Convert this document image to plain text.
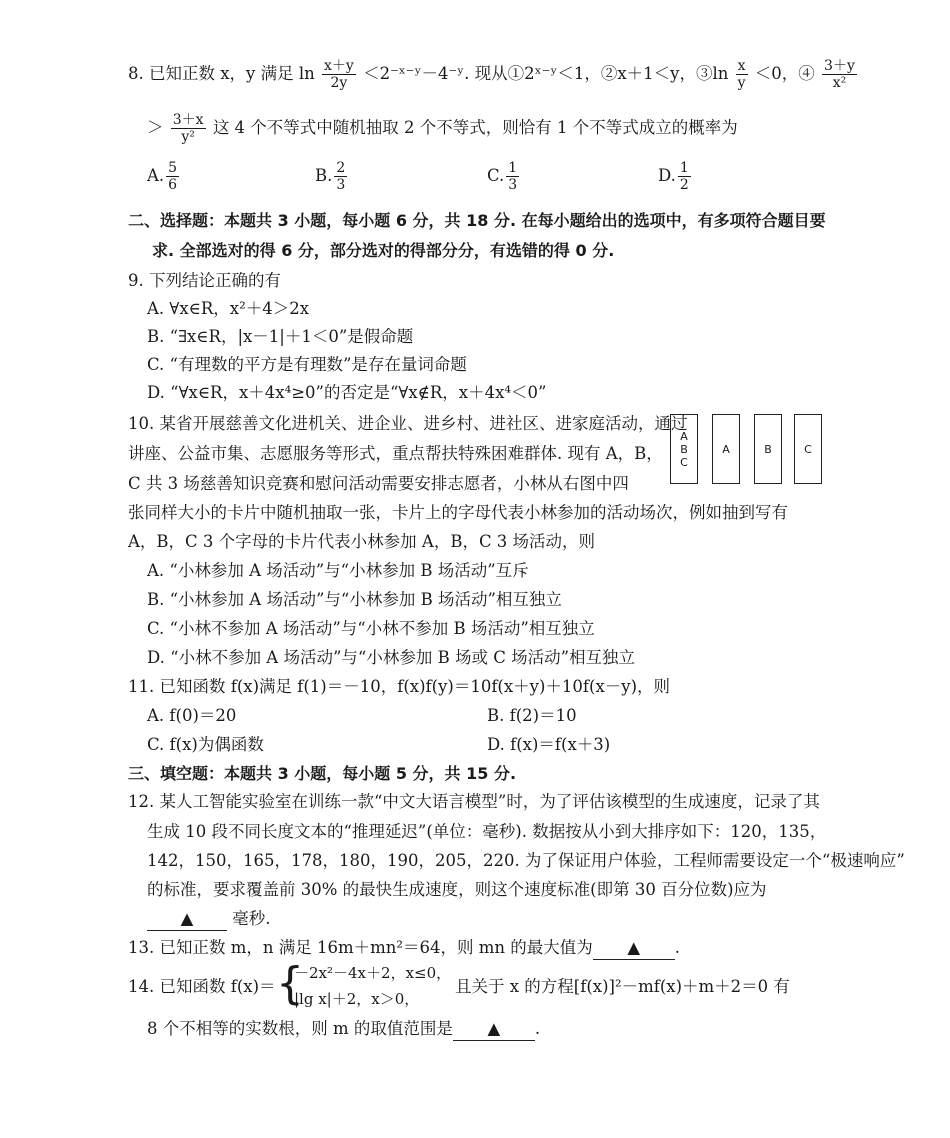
8. 已知正数 x，y 满足 $\ln \frac{x+y}{2y}$ ＜2⁻ˣ⁻ʸ－4⁻ʸ. 现从①2ˣ⁻ʸ＜1，②x＋1＜y，③ln $\frac{x}{y} <0$，④ $\frac{3+y}{\text{x²}}$
＞ $\frac{3+x}{\text{y²}}$ 这 4 个不等式中随机抽取 2 个不等式，则恰有 1 个不等式成立的概率为
A. $\frac{5}{6}$	B. $\frac{2}{3}$	C. $\frac{1}{3}$	D. $\frac{1}{2}$
二、选择题：本题共 3 小题，每小题 6 分，共 18 分. 在每小题给出的选项中，有多项符合题目要
求. 全部选对的得 6 分，部分选对的得部分分，有选错的得 0 分.
9. 下列结论正确的有
A. ∀x∈R，x²＋4＞2x
B. “∃x∈R，|x－1|＋1＜0”是假命题
C. “有理数的平方是有理数”是存在量词命题
D. “∀x∈R，x＋4x⁴≥0”的否定是“∀x∉R，x＋4x⁴＜0”
10. 某省开展慈善文化进机关、进企业、进乡村、进社区、进家庭活动，通过
讲座、公益市集、志愿服务等形式，重点帮扶特殊困难群体. 现有 A，B，
C 共 3 场慈善知识竞赛和慰问活动需要安排志愿者，小林从右图中四
张同样大小的卡片中随机抽取一张，卡片上的字母代表小林参加的活动场次，例如抽到写有
A，B，C 3 个字母的卡片代表小林参加 A，B，C 3 场活动，则
A
B
C
A	B	C
A. “小林参加 A 场活动”与“小林参加 B 场活动”互斥
B. “小林参加 A 场活动”与“小林参加 B 场活动”相互独立
C. “小林不参加 A 场活动”与“小林不参加 B 场活动”相互独立
D. “小林不参加 A 场活动”与“小林参加 B 场或 C 场活动”相互独立
11. 已知函数 f(x)满足 f(1)＝－10，f(x)f(y)＝10f(x＋y)＋10f(x－y)，则
A. f(0)＝20	B. f(2)＝10
C. f(x)为偶函数	D. f(x)＝f(x＋3)
三、填空题：本题共 3 小题，每小题 5 分，共 15 分.
12. 某人工智能实验室在训练一款“中文大语言模型”时，为了评估该模型的生成速度，记录了其
生成 10 段不同长度文本的“推理延迟”(单位：毫秒). 数据按从小到大排序如下：120，135，
142，150，165，178，180，190，205，220. 为了保证用户体验，工程师需要设定一个“极速响应”
的标准，要求覆盖前 30% 的最快生成速度，则这个速度标准(即第 30 百分位数)应为
▲ 毫秒.
13. 已知正数 m，n 满足 16m＋mn²＝64，则 mn 的最大值为 ▲ .
14. 已知函数 f(x)＝ {
－2x²－4x＋2，x≤0，
|lg x|＋2，x＞0，
且关于 x 的方程[f(x)]²－mf(x)＋m＋2＝0 有
8 个不相等的实数根，则 m 的取值范围是 ▲ .
